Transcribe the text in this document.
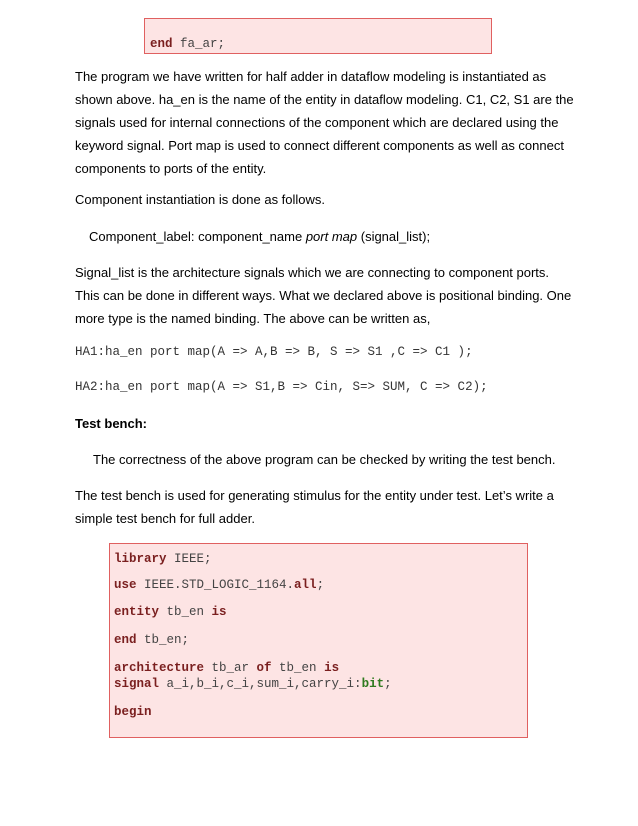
end fa_ar;

The program we have written for half adder in dataflow modeling is instantiated as shown above. ha_en is the name of the entity in dataflow modeling. C1, C2, S1 are the signals used for internal connections of the component which are declared using the keyword signal. Port map is used to connect different components as well as connect components to ports of the entity.

Component instantiation is done as follows.
Component_label: component_name port map (signal_list);

Signal_list is the architecture signals which we are connecting to component ports. This can be done in different ways. What we declared above is positional binding. One more type is the named binding. The above can be written as,

HA1:ha_en port map(A => A,B => B, S => S1 ,C => C1 );
HA2:ha_en port map(A => S1,B => Cin, S=> SUM, C => C2);
Test bench:
The correctness of the above program can be checked by writing the test bench.

The test bench is used for generating stimulus for the entity under test. Let’s write a simple test bench for full adder.

library IEEE;
use IEEE.STD_LOGIC_1164.all;
entity tb_en is
end tb_en;
architecture tb_ar of tb_en is
signal a_i,b_i,c_i,sum_i,carry_i:bit;
begin
